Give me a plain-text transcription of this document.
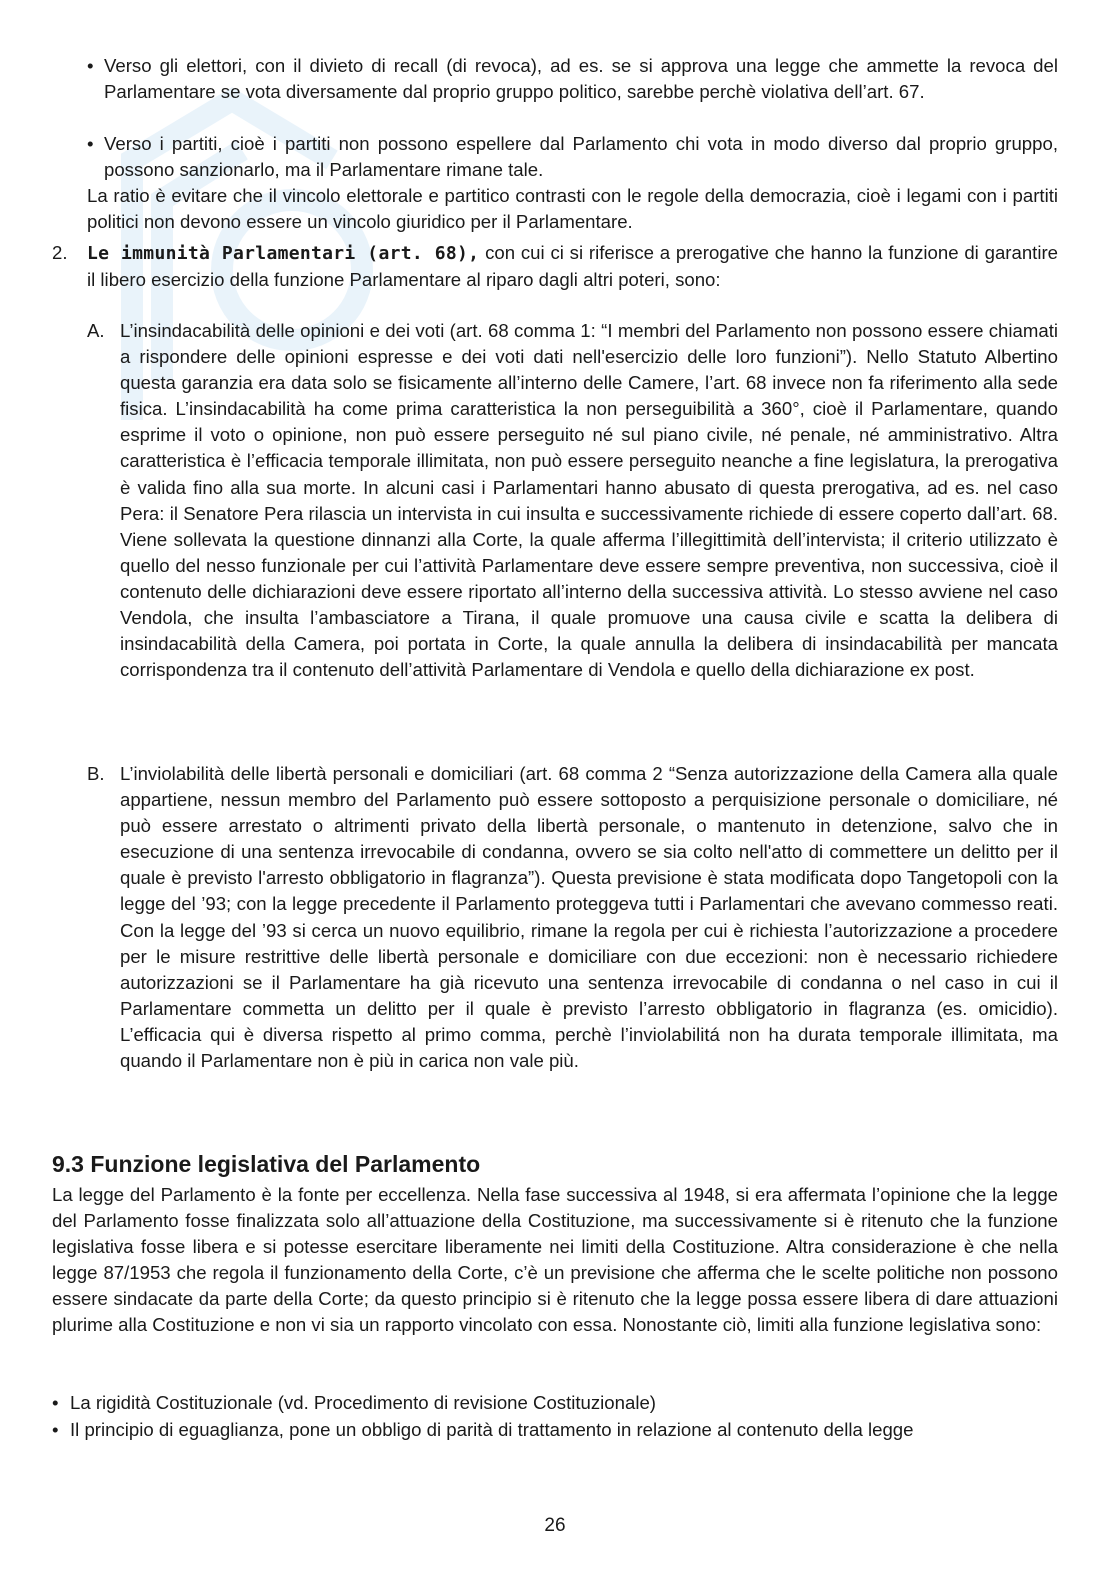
• Verso gli elettori, con il divieto di recall (di revoca), ad es. se si approva una legge che ammette la revoca del Parlamentare se vota diversamente dal proprio gruppo politico, sarebbe perchè violativa dell’art. 67.

• Verso i partiti, cioè i partiti non possono espellere dal Parlamento chi vota in modo diverso dal proprio gruppo, possono sanzionarlo, ma il Parlamentare rimane tale.

La ratio è evitare che il vincolo elettorale e partitico contrasti con le regole della democrazia, cioè i legami con i partiti politici non devono essere un vincolo giuridico per il Parlamentare.

2. Le immunità Parlamentari (art. 68), con cui ci si riferisce a prerogative che hanno la funzione di garantire il libero esercizio della funzione Parlamentare al riparo dagli altri poteri, sono:

A. L’insindacabilità delle opinioni e dei voti (art. 68 comma 1: “I membri del Parlamento non possono essere chiamati a rispondere delle opinioni espresse e dei voti dati nell'esercizio delle loro funzioni”). Nello Statuto Albertino questa garanzia era data solo se fisicamente all’interno delle Camere, l’art. 68 invece non fa riferimento alla sede fisica. L’insindacabilità ha come prima caratteristica la non perseguibilità a 360°, cioè il Parlamentare, quando esprime il voto o opinione, non può essere perseguito né sul piano civile, né penale, né amministrativo. Altra caratteristica è l’efficacia temporale illimitata, non può essere perseguito neanche a fine legislatura, la prerogativa è valida fino alla sua morte. In alcuni casi i Parlamentari hanno abusato di questa prerogativa, ad es. nel caso Pera: il Senatore Pera rilascia un intervista in cui insulta e successivamente richiede di essere coperto dall’art. 68. Viene sollevata la questione dinnanzi alla Corte, la quale afferma l’illegittimità dell’intervista; il criterio utilizzato è quello del nesso funzionale per cui l’attività Parlamentare deve essere sempre preventiva, non successiva, cioè il contenuto delle dichiarazioni deve essere riportato all’interno della successiva attività. Lo stesso avviene nel caso Vendola, che insulta l’ambasciatore a Tirana, il quale promuove una causa civile e scatta la delibera di insindacabilità della Camera, poi portata in Corte, la quale annulla la delibera di insindacabilità per mancata corrispondenza tra il contenuto dell’attività Parlamentare di Vendola e quello della dichiarazione ex post.

B. L’inviolabilità delle libertà personali e domiciliari (art. 68 comma 2 “Senza autorizzazione della Camera alla quale appartiene, nessun membro del Parlamento può essere sottoposto a perquisizione personale o domiciliare, né può essere arrestato o altrimenti privato della libertà personale, o mantenuto in detenzione, salvo che in esecuzione di una sentenza irrevocabile di condanna, ovvero se sia colto nell'atto di commettere un delitto per il quale è previsto l'arresto obbligatorio in flagranza”). Questa previsione è stata modificata dopo Tangetopoli con la legge del ’93; con la legge precedente il Parlamento proteggeva tutti i Parlamentari che avevano commesso reati. Con la legge del ’93 si cerca un nuovo equilibrio, rimane la regola per cui è richiesta l’autorizzazione a procedere per le misure restrittive delle libertà personale e domiciliare con due eccezioni: non è necessario richiedere autorizzazioni se il Parlamentare ha già ricevuto una sentenza irrevocabile di condanna o nel caso in cui il Parlamentare commetta un delitto per il quale è previsto l’arresto obbligatorio in flagranza (es. omicidio). L’efficacia qui è diversa rispetto al primo comma, perchè l’inviolabilitá non ha durata temporale illimitata, ma quando il Parlamentare non è più in carica non vale più.

9.3 Funzione legislativa del Parlamento

La legge del Parlamento è la fonte per eccellenza. Nella fase successiva al 1948, si era affermata l’opinione che la legge del Parlamento fosse finalizzata solo all’attuazione della Costituzione, ma successivamente si è ritenuto che la funzione legislativa fosse libera e si potesse esercitare liberamente nei limiti della Costituzione. Altra considerazione è che nella legge 87/1953 che regola il funzionamento della Corte, c’è un previsione che afferma che le scelte politiche non possono essere sindacate da parte della Corte; da questo principio si è ritenuto che la legge possa essere libera di dare attuazioni plurime alla Costituzione e non vi sia un rapporto vincolato con essa. Nonostante ciò, limiti alla funzione legislativa sono:

• La rigidità Costituzionale (vd. Procedimento di revisione Costituzionale)

• Il principio di eguaglianza, pone un obbligo di parità di trattamento in relazione al contenuto della legge

26
